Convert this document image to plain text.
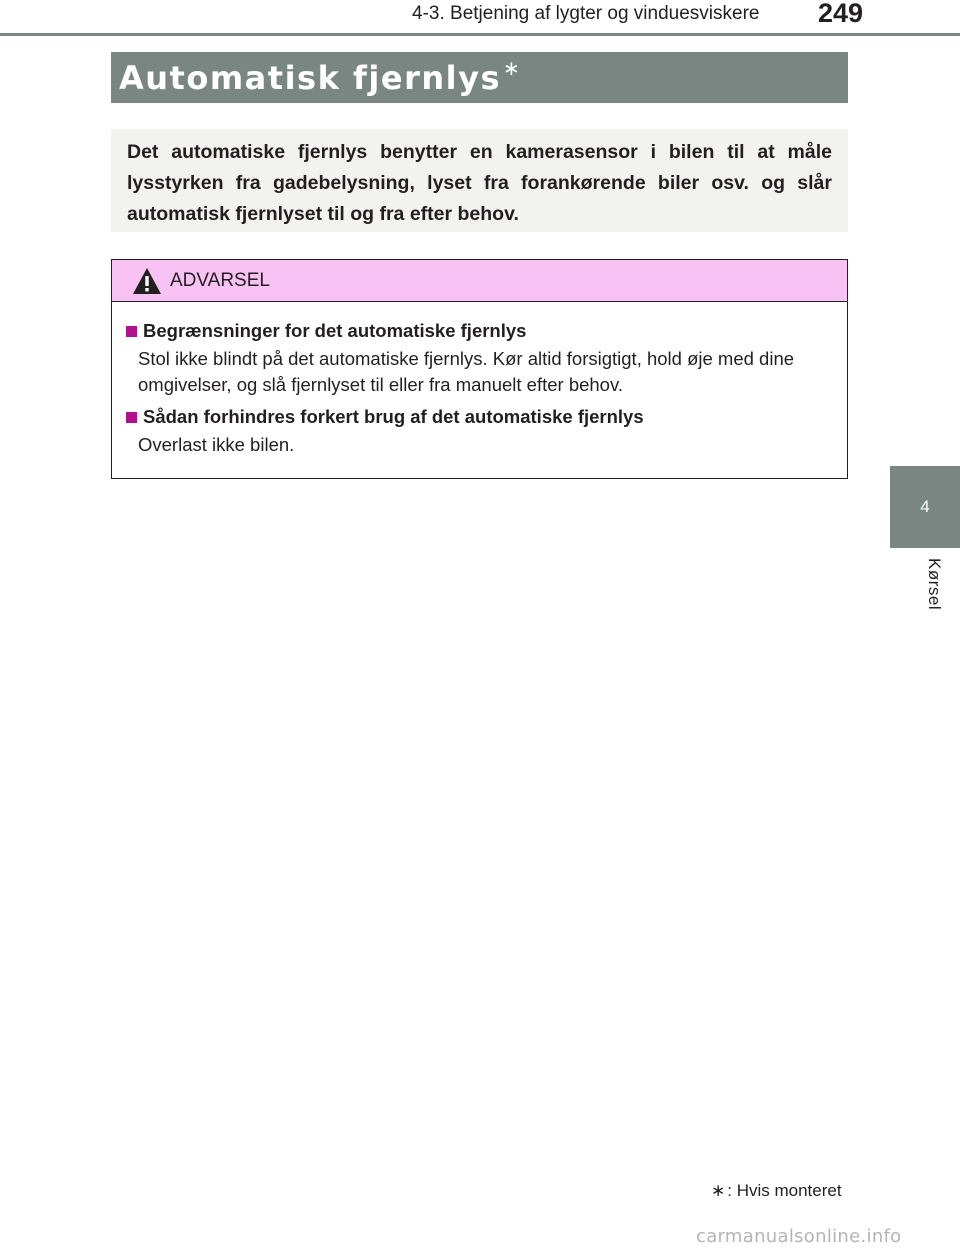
4-3. Betjening af lygter og vinduesviskere 249
4
Kørsel
Automatisk fjernlys ∗

Det automatiske fjernlys benytter en kamerasensor i bilen til at måle lysstyrken fra gadebelysning, lyset fra forankørende biler osv. og slår automatisk fjernlyset til og fra efter behov.

ADVARSEL
Begrænsninger for det automatiske fjernlys

Stol ikke blindt på det automatiske fjernlys. Kør altid forsigtigt, hold øje med dine omgivelser, og slå fjernlyset til eller fra manuelt efter behov.

Sådan forhindres forkert brug af det automatiske fjernlys

Overlast ikke bilen.

∗ : Hvis monteret
carmanualsonline.info
